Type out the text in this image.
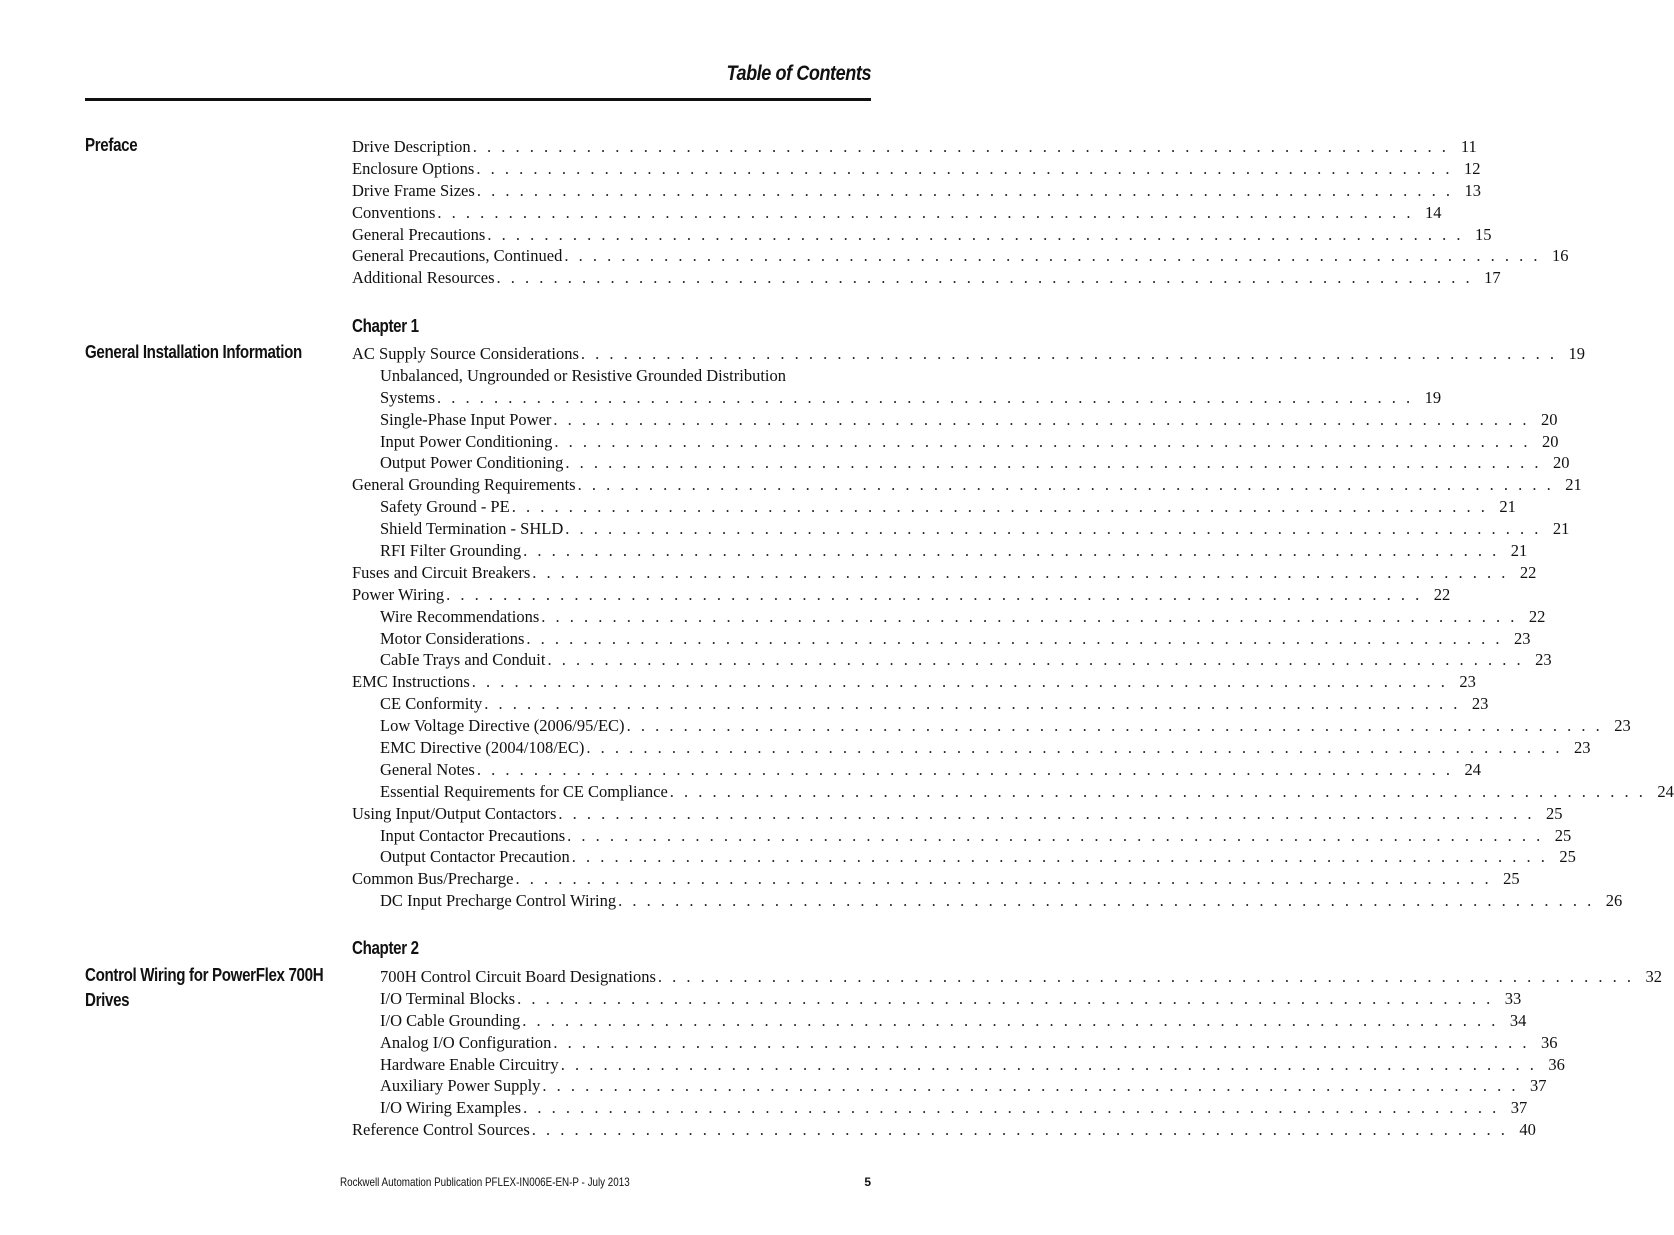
Table of Contents
Preface	Drive Description . . . . . . . . . . . . . . . . . . . . . . . . . . . . . . . . . . . . . . . . . . . . . . . . . . . . . . . . . . . . . . . . . . . . . 11
Enclosure Options . . . . . . . . . . . . . . . . . . . . . . . . . . . . . . . . . . . . . . . . . . . . . . . . . . . . . . . . . . . . . . . . . . . . . 12
Drive Frame Sizes . . . . . . . . . . . . . . . . . . . . . . . . . . . . . . . . . . . . . . . . . . . . . . . . . . . . . . . . . . . . . . . . . . . . . 13
Conventions . . . . . . . . . . . . . . . . . . . . . . . . . . . . . . . . . . . . . . . . . . . . . . . . . . . . . . . . . . . . . . . . . . . . . 14
General Precautions . . . . . . . . . . . . . . . . . . . . . . . . . . . . . . . . . . . . . . . . . . . . . . . . . . . . . . . . . . . . . . . . . . . . . 15
General Precautions, Continued . . . . . . . . . . . . . . . . . . . . . . . . . . . . . . . . . . . . . . . . . . . . . . . . . . . . . . . . . . . . . . . . . . . . . 16
Additional Resources . . . . . . . . . . . . . . . . . . . . . . . . . . . . . . . . . . . . . . . . . . . . . . . . . . . . . . . . . . . . . . . . . . . . . 17
Chapter 1
General Installation Information	AC Supply Source Considerations . . . . . . . . . . . . . . . . . . . . . . . . . . . . . . . . . . . . . . . . . . . . . . . . . . . . . . . . . . . . . . . . . . . . . 19
Unbalanced, Ungrounded or Resistive Grounded Distribution
Systems . . . . . . . . . . . . . . . . . . . . . . . . . . . . . . . . . . . . . . . . . . . . . . . . . . . . . . . . . . . . . . . . . . . . . 19
Single-Phase Input Power . . . . . . . . . . . . . . . . . . . . . . . . . . . . . . . . . . . . . . . . . . . . . . . . . . . . . . . . . . . . . . . . . . . . . 20
Input Power Conditioning . . . . . . . . . . . . . . . . . . . . . . . . . . . . . . . . . . . . . . . . . . . . . . . . . . . . . . . . . . . . . . . . . . . . . 20
Output Power Conditioning . . . . . . . . . . . . . . . . . . . . . . . . . . . . . . . . . . . . . . . . . . . . . . . . . . . . . . . . . . . . . . . . . . . . . 20
General Grounding Requirements . . . . . . . . . . . . . . . . . . . . . . . . . . . . . . . . . . . . . . . . . . . . . . . . . . . . . . . . . . . . . . . . . . . . . 21
Safety Ground - PE . . . . . . . . . . . . . . . . . . . . . . . . . . . . . . . . . . . . . . . . . . . . . . . . . . . . . . . . . . . . . . . . . . . . . 21
Shield Termination - SHLD . . . . . . . . . . . . . . . . . . . . . . . . . . . . . . . . . . . . . . . . . . . . . . . . . . . . . . . . . . . . . . . . . . . . . 21
RFI Filter Grounding . . . . . . . . . . . . . . . . . . . . . . . . . . . . . . . . . . . . . . . . . . . . . . . . . . . . . . . . . . . . . . . . . . . . . 21
Fuses and Circuit Breakers . . . . . . . . . . . . . . . . . . . . . . . . . . . . . . . . . . . . . . . . . . . . . . . . . . . . . . . . . . . . . . . . . . . . . 22
Power Wiring . . . . . . . . . . . . . . . . . . . . . . . . . . . . . . . . . . . . . . . . . . . . . . . . . . . . . . . . . . . . . . . . . . . . . 22
Wire Recommendations . . . . . . . . . . . . . . . . . . . . . . . . . . . . . . . . . . . . . . . . . . . . . . . . . . . . . . . . . . . . . . . . . . . . . 22
Motor Considerations . . . . . . . . . . . . . . . . . . . . . . . . . . . . . . . . . . . . . . . . . . . . . . . . . . . . . . . . . . . . . . . . . . . . . 23
CabIe Trays and Conduit . . . . . . . . . . . . . . . . . . . . . . . . . . . . . . . . . . . . . . . . . . . . . . . . . . . . . . . . . . . . . . . . . . . . . 23
EMC Instructions . . . . . . . . . . . . . . . . . . . . . . . . . . . . . . . . . . . . . . . . . . . . . . . . . . . . . . . . . . . . . . . . . . . . . 23
CE Conformity . . . . . . . . . . . . . . . . . . . . . . . . . . . . . . . . . . . . . . . . . . . . . . . . . . . . . . . . . . . . . . . . . . . . . 23
Low Voltage Directive (2006/95/EC) . . . . . . . . . . . . . . . . . . . . . . . . . . . . . . . . . . . . . . . . . . . . . . . . . . . . . . . . . . . . . . . . . . . . . 23
EMC Directive (2004/108/EC) . . . . . . . . . . . . . . . . . . . . . . . . . . . . . . . . . . . . . . . . . . . . . . . . . . . . . . . . . . . . . . . . . . . . . 23
General Notes . . . . . . . . . . . . . . . . . . . . . . . . . . . . . . . . . . . . . . . . . . . . . . . . . . . . . . . . . . . . . . . . . . . . . 24
Essential Requirements for CE Compliance . . . . . . . . . . . . . . . . . . . . . . . . . . . . . . . . . . . . . . . . . . . . . . . . . . . . . . . . . . . . . . . . . . . . . 24
Using Input/Output Contactors . . . . . . . . . . . . . . . . . . . . . . . . . . . . . . . . . . . . . . . . . . . . . . . . . . . . . . . . . . . . . . . . . . . . . 25
Input Contactor Precautions . . . . . . . . . . . . . . . . . . . . . . . . . . . . . . . . . . . . . . . . . . . . . . . . . . . . . . . . . . . . . . . . . . . . . 25
Output Contactor Precaution . . . . . . . . . . . . . . . . . . . . . . . . . . . . . . . . . . . . . . . . . . . . . . . . . . . . . . . . . . . . . . . . . . . . . 25
Common Bus/Precharge . . . . . . . . . . . . . . . . . . . . . . . . . . . . . . . . . . . . . . . . . . . . . . . . . . . . . . . . . . . . . . . . . . . . . 25
DC Input Precharge Control Wiring . . . . . . . . . . . . . . . . . . . . . . . . . . . . . . . . . . . . . . . . . . . . . . . . . . . . . . . . . . . . . . . . . . . . . 26
Chapter 2
Control Wiring for PowerFlex 700H
Drives
700H Control Circuit Board Designations . . . . . . . . . . . . . . . . . . . . . . . . . . . . . . . . . . . . . . . . . . . . . . . . . . . . . . . . . . . . . . . . . . . . . 32
I/O Terminal Blocks . . . . . . . . . . . . . . . . . . . . . . . . . . . . . . . . . . . . . . . . . . . . . . . . . . . . . . . . . . . . . . . . . . . . . 33
I/O Cable Grounding . . . . . . . . . . . . . . . . . . . . . . . . . . . . . . . . . . . . . . . . . . . . . . . . . . . . . . . . . . . . . . . . . . . . . 34
Analog I/O Configuration . . . . . . . . . . . . . . . . . . . . . . . . . . . . . . . . . . . . . . . . . . . . . . . . . . . . . . . . . . . . . . . . . . . . . 36
Hardware Enable Circuitry . . . . . . . . . . . . . . . . . . . . . . . . . . . . . . . . . . . . . . . . . . . . . . . . . . . . . . . . . . . . . . . . . . . . . 36
Auxiliary Power Supply . . . . . . . . . . . . . . . . . . . . . . . . . . . . . . . . . . . . . . . . . . . . . . . . . . . . . . . . . . . . . . . . . . . . . 37
I/O Wiring Examples . . . . . . . . . . . . . . . . . . . . . . . . . . . . . . . . . . . . . . . . . . . . . . . . . . . . . . . . . . . . . . . . . . . . . 37
Reference Control Sources . . . . . . . . . . . . . . . . . . . . . . . . . . . . . . . . . . . . . . . . . . . . . . . . . . . . . . . . . . . . . . . . . . . . . 40
Rockwell Automation Publication PFLEX-IN006E-EN-P - July 2013	5
